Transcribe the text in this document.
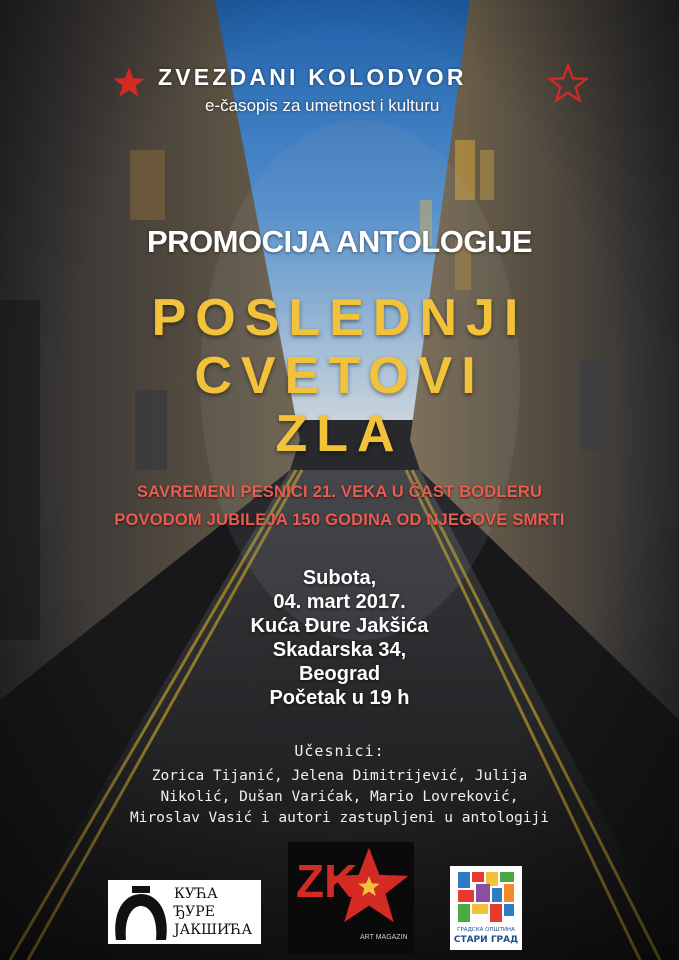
ZVEZDANI KOLODVOR
e-časopis za umetnost i kulturu
PROMOCIJA ANTOLOGIJE
POSLEDNJI
CVETOVI
ZLA
SAVREMENI PESNICI 21. VEKA U ČAST BODLERU
POVODOM JUBILEJA 150 GODINA OD NJEGOVE SMRTI
Subota,
04. mart 2017.
Kuća Đure Jakšića
Skadarska 34,
Beograd
Početak u 19 h
Učesnici:
Zorica Tijanić, Jelena Dimitrijević, Julija
Nikolić, Dušan Varićak, Mario Lovreković,
Miroslav Vasić i autori zastupljeni u antologiji
КУЋА
ЂУРЕ
ЈАКШИЋА
ZK
ART MAGAZIN
ГРАДСКА ОПШТИНА
СТАРИ ГРАД
